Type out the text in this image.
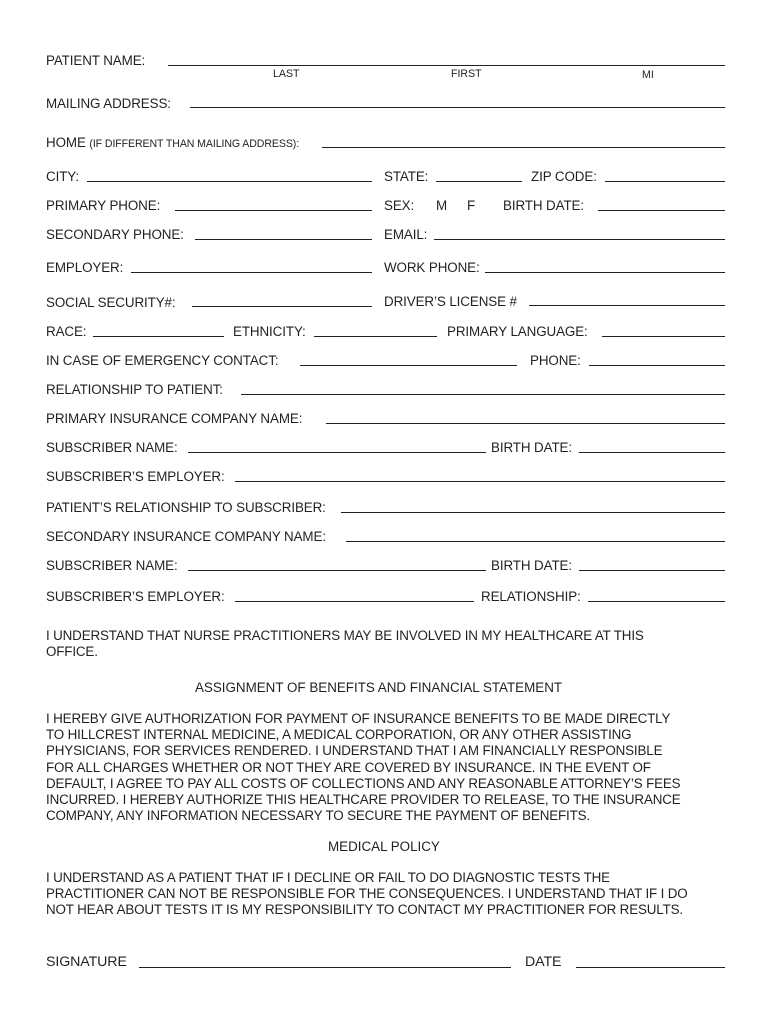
PATIENT NAME:
LAST	FIRST	MI
MAILING ADDRESS:
HOME (IF DIFFERENT THAN MAILING ADDRESS):
CITY:	STATE:	ZIP CODE:
PRIMARY PHONE:	SEX: M F BIRTH DATE:
SECONDARY PHONE:	EMAIL:
EMPLOYER:	WORK PHONE:
SOCIAL SECURITY#:	DRIVER’S LICENSE #
RACE:	ETHNICITY:	PRIMARY LANGUAGE:
IN CASE OF EMERGENCY CONTACT:	PHONE:
RELATIONSHIP TO PATIENT:
PRIMARY INSURANCE COMPANY NAME:
SUBSCRIBER NAME:	BIRTH DATE:
SUBSCRIBER’S EMPLOYER:
PATIENT’S RELATIONSHIP TO SUBSCRIBER:
SECONDARY INSURANCE COMPANY NAME:
SUBSCRIBER NAME:	BIRTH DATE:
SUBSCRIBER’S EMPLOYER:	RELATIONSHIP:
I UNDERSTAND THAT NURSE PRACTITIONERS MAY BE INVOLVED IN MY HEALTHCARE AT THIS
OFFICE.
ASSIGNMENT OF BENEFITS AND FINANCIAL STATEMENT
I HEREBY GIVE AUTHORIZATION FOR PAYMENT OF INSURANCE BENEFITS TO BE MADE DIRECTLY
TO HILLCREST INTERNAL MEDICINE, A MEDICAL CORPORATION, OR ANY OTHER ASSISTING
PHYSICIANS, FOR SERVICES RENDERED. I UNDERSTAND THAT I AM FINANCIALLY RESPONSIBLE
FOR ALL CHARGES WHETHER OR NOT THEY ARE COVERED BY INSURANCE. IN THE EVENT OF
DEFAULT, I AGREE TO PAY ALL COSTS OF COLLECTIONS AND ANY REASONABLE ATTORNEY’S FEES
INCURRED. I HEREBY AUTHORIZE THIS HEALTHCARE PROVIDER TO RELEASE, TO THE INSURANCE
COMPANY, ANY INFORMATION NECESSARY TO SECURE THE PAYMENT OF BENEFITS.
MEDICAL POLICY
I UNDERSTAND AS A PATIENT THAT IF I DECLINE OR FAIL TO DO DIAGNOSTIC TESTS THE
PRACTITIONER CAN NOT BE RESPONSIBLE FOR THE CONSEQUENCES. I UNDERSTAND THAT IF I DO
NOT HEAR ABOUT TESTS IT IS MY RESPONSIBILITY TO CONTACT MY PRACTITIONER FOR RESULTS.
SIGNATURE	DATE
